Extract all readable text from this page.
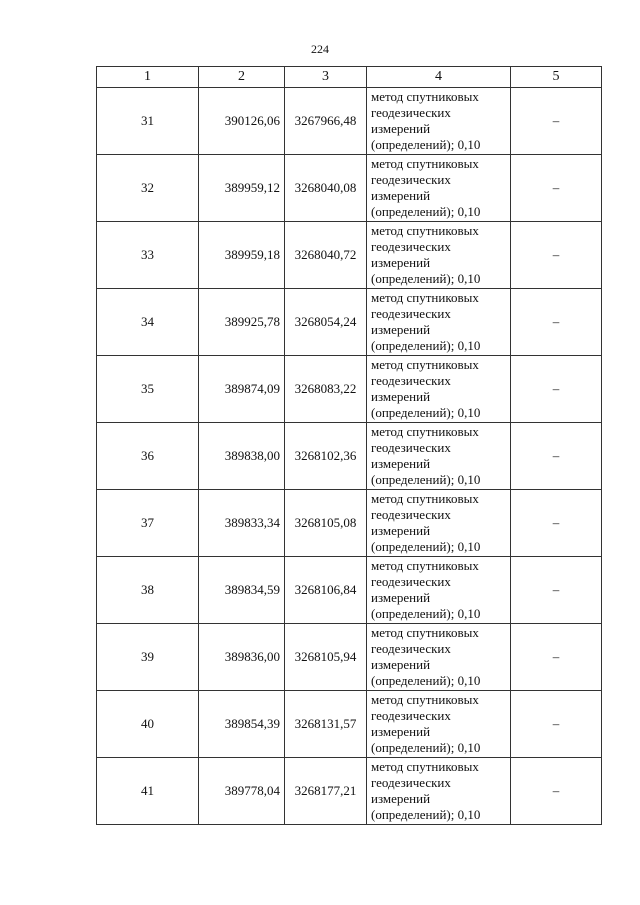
224
1	2	3	4	5
31	390126,06	3267966,48	метод спутниковых
геодезических
измерений
(определений); 0,10	–
32	389959,12	3268040,08	метод спутниковых
геодезических
измерений
(определений); 0,10	–
33	389959,18	3268040,72	метод спутниковых
геодезических
измерений
(определений); 0,10	–
34	389925,78	3268054,24	метод спутниковых
геодезических
измерений
(определений); 0,10	–
35	389874,09	3268083,22	метод спутниковых
геодезических
измерений
(определений); 0,10	–
36	389838,00	3268102,36	метод спутниковых
геодезических
измерений
(определений); 0,10	–
37	389833,34	3268105,08	метод спутниковых
геодезических
измерений
(определений); 0,10	–
38	389834,59	3268106,84	метод спутниковых
геодезических
измерений
(определений); 0,10	–
39	389836,00	3268105,94	метод спутниковых
геодезических
измерений
(определений); 0,10	–
40	389854,39	3268131,57	метод спутниковых
геодезических
измерений
(определений); 0,10	–
41	389778,04	3268177,21	метод спутниковых
геодезических
измерений
(определений); 0,10	–
